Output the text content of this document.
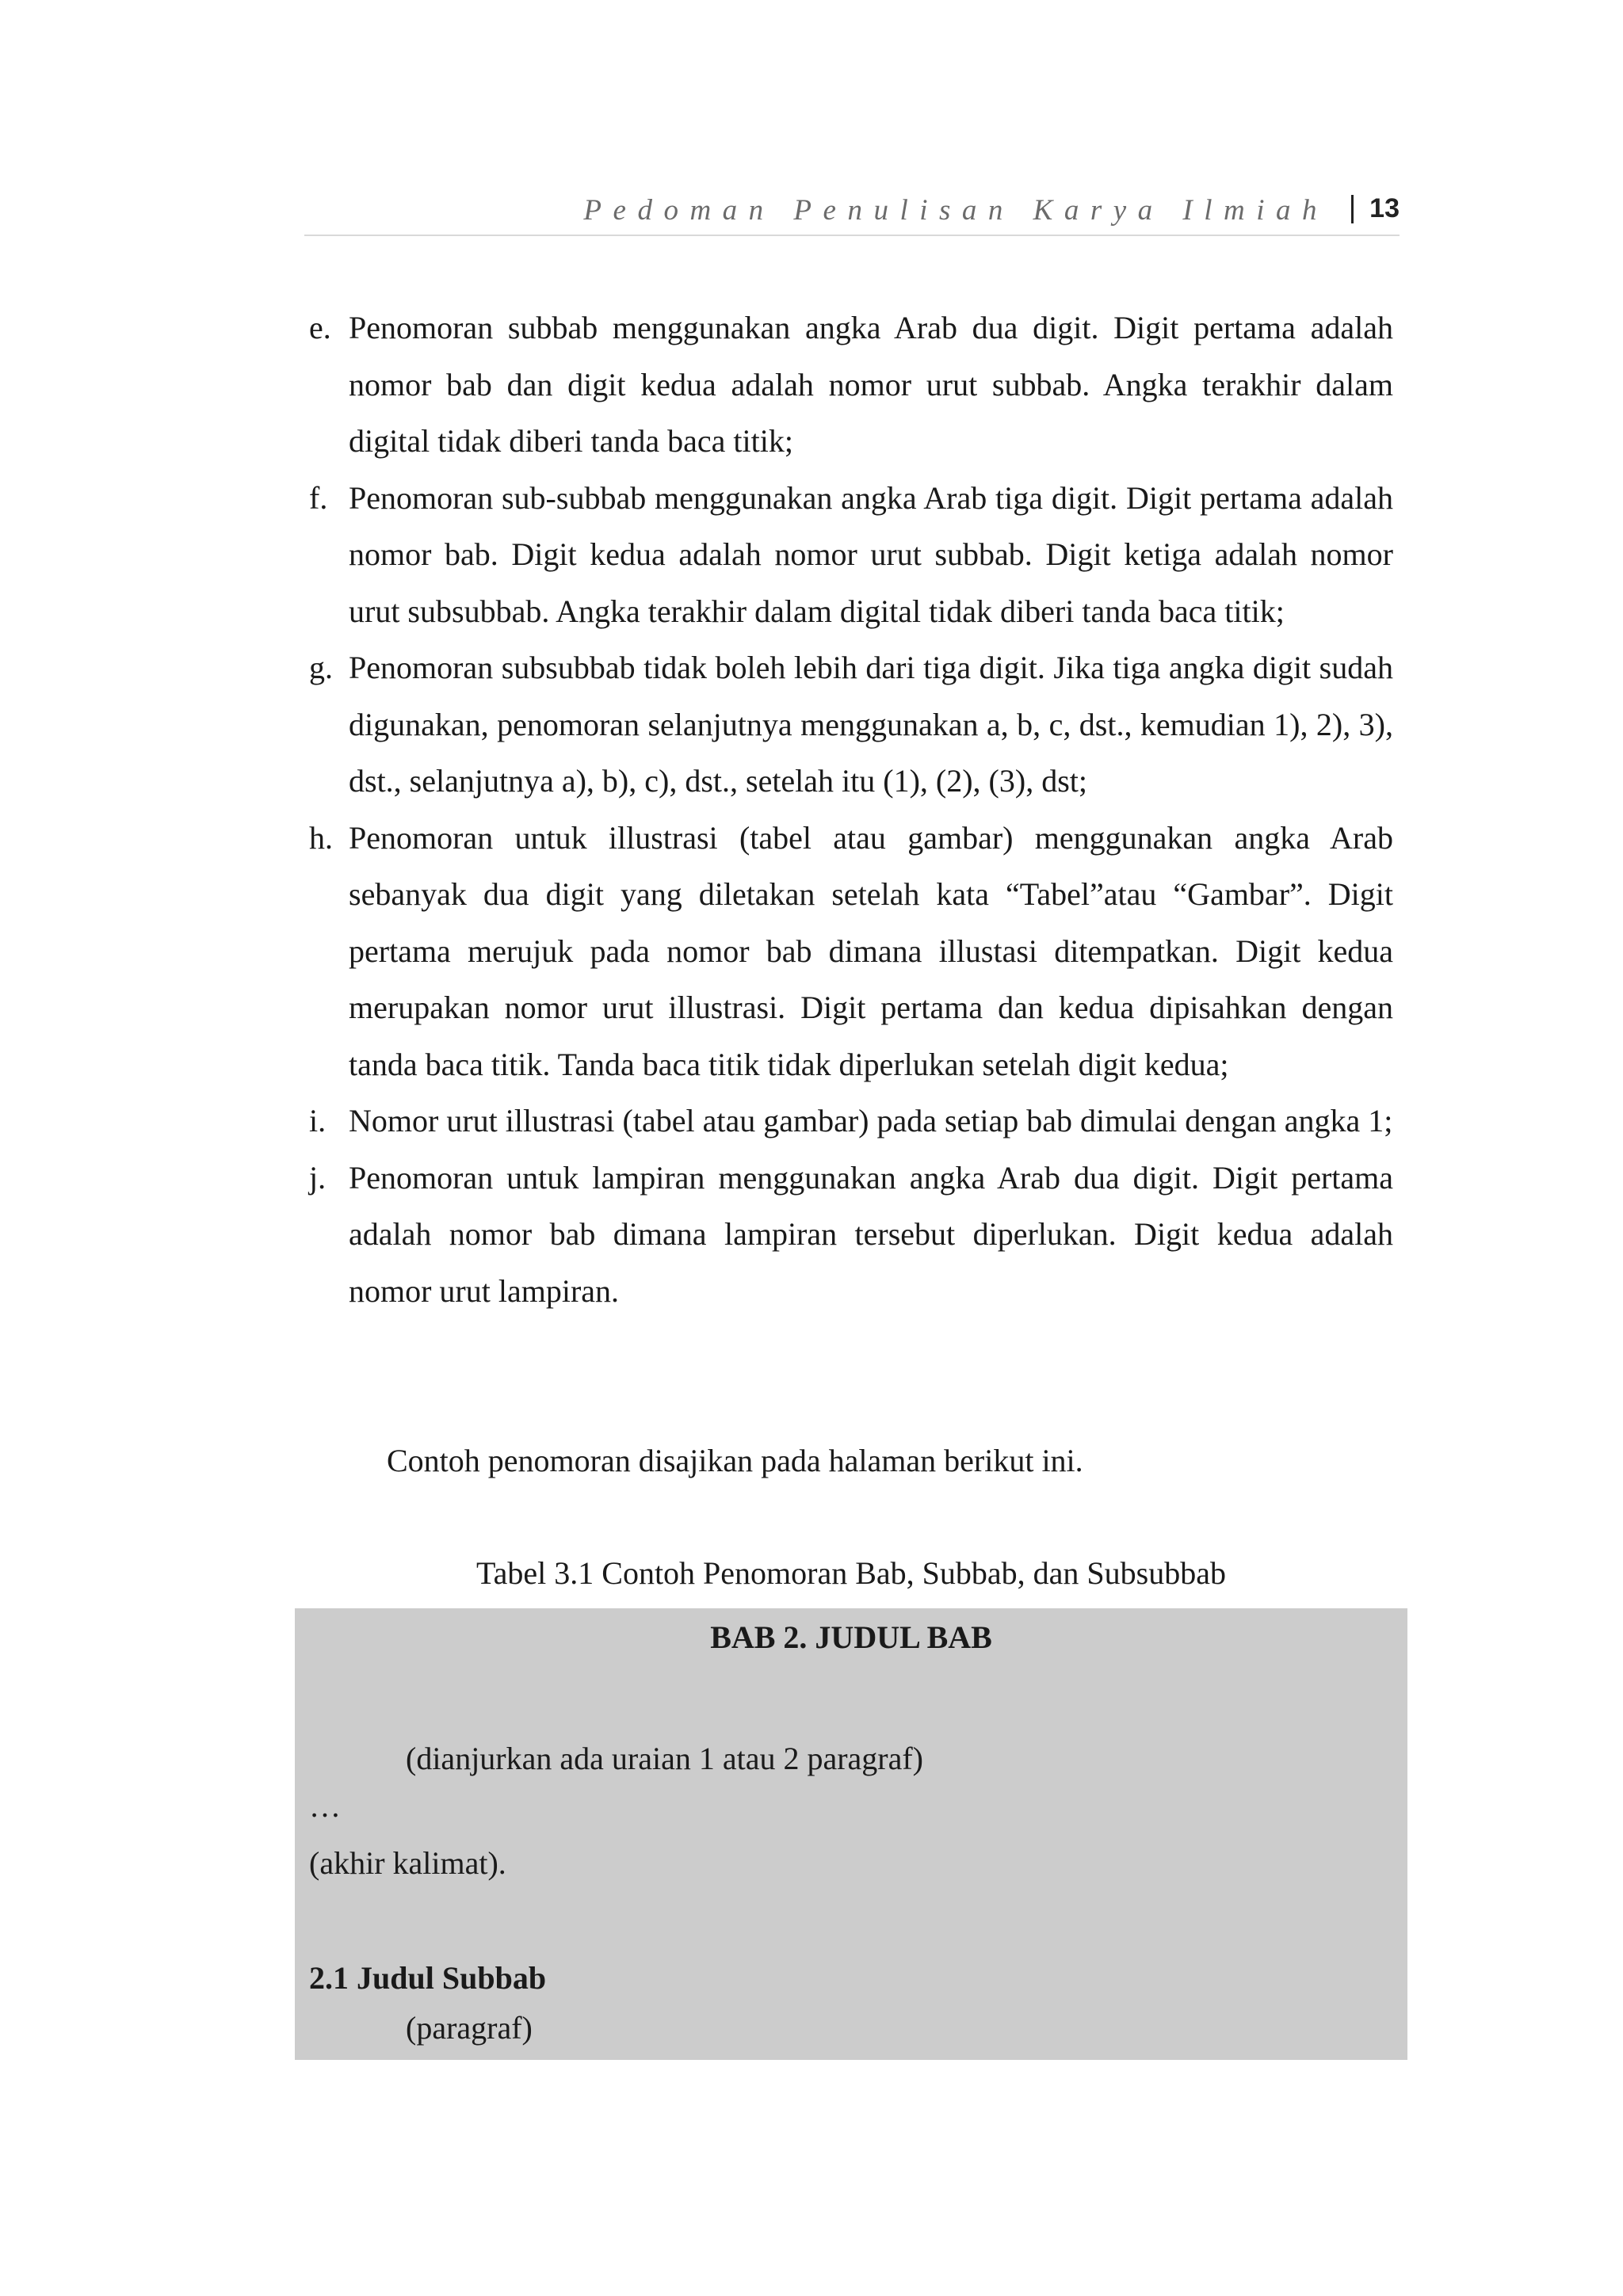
Pedoman Penulisan Karya Ilmiah 13
e. Penomoran subbab menggunakan angka Arab dua digit. Digit pertama adalah nomor bab dan digit kedua adalah nomor urut subbab. Angka terakhir dalam digital tidak diberi tanda baca titik;
f. Penomoran sub-subbab menggunakan angka Arab tiga digit. Digit pertama adalah nomor bab. Digit kedua adalah nomor urut subbab. Digit ketiga adalah nomor urut subsubbab. Angka terakhir dalam digital tidak diberi tanda baca titik;
g. Penomoran subsubbab tidak boleh lebih dari tiga digit. Jika tiga angka digit sudah digunakan, penomoran selanjutnya menggunakan a, b, c, dst., kemudian 1), 2), 3), dst., selanjutnya a), b), c), dst., setelah itu (1), (2), (3), dst;
h. Penomoran untuk illustrasi (tabel atau gambar) menggunakan angka Arab sebanyak dua digit yang diletakan setelah kata “Tabel”atau “Gambar”. Digit pertama merujuk pada nomor bab dimana illustasi ditempatkan. Digit kedua merupakan nomor urut illustrasi. Digit pertama dan kedua dipisahkan dengan tanda baca titik. Tanda baca titik tidak diperlukan setelah digit kedua;
i. Nomor urut illustrasi (tabel atau gambar) pada setiap bab dimulai dengan angka 1;
j. Penomoran untuk lampiran menggunakan angka Arab dua digit. Digit pertama adalah nomor bab dimana lampiran tersebut diperlukan. Digit kedua adalah nomor urut lampiran.
Contoh penomoran disajikan pada halaman berikut ini.
Tabel 3.1 Contoh Penomoran Bab, Subbab, dan Subsubbab
BAB 2. JUDUL BAB
(dianjurkan ada uraian 1 atau 2 paragraf)
…
(akhir kalimat).
2.1 Judul Subbab
(paragraf)
